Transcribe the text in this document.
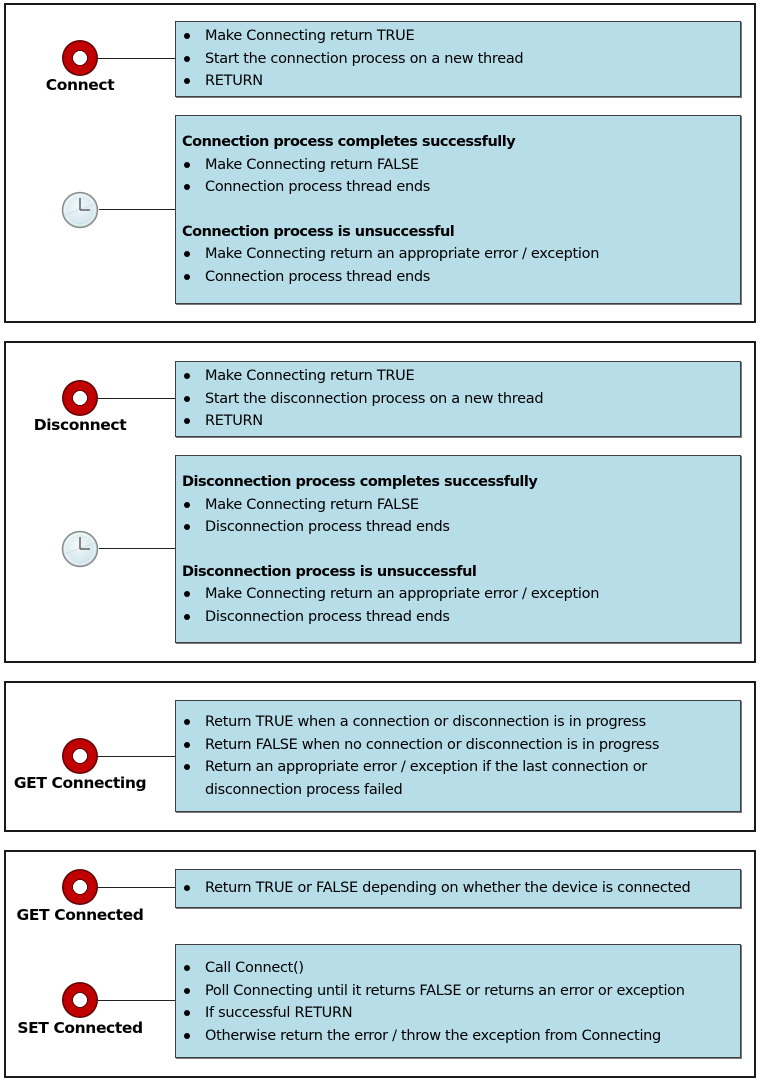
Connect
Make Connecting return TRUE
Start the connection process on a new thread
RETURN
Connection process completes successfully
Make Connecting return FALSE
Connection process thread ends
Connection process is unsuccessful
Make Connecting return an appropriate error / exception
Connection process thread ends
Disconnect
Make Connecting return TRUE
Start the disconnection process on a new thread
RETURN
Disconnection process completes successfully
Make Connecting return FALSE
Disconnection process thread ends
Disconnection process is unsuccessful
Make Connecting return an appropriate error / exception
Disconnection process thread ends
GET Connecting
Return TRUE when a connection or disconnection is in progress
Return FALSE when no connection or disconnection is in progress
Return an appropriate error / exception if the last connection or disconnection process failed
GET Connected
Return TRUE or FALSE depending on whether the device is connected
SET Connected
Call Connect()
Poll Connecting until it returns FALSE or returns an error or exception
If successful RETURN
Otherwise return the error / throw the exception from Connecting
